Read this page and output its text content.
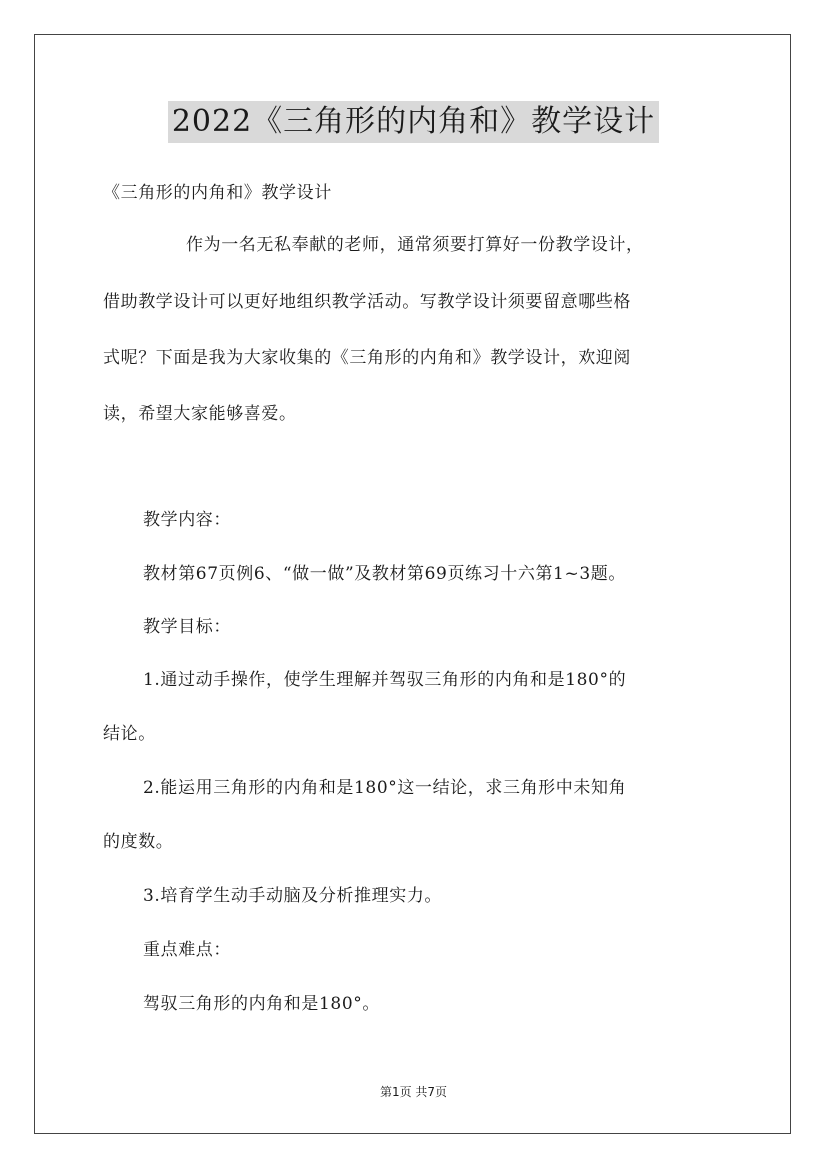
2022《三角形的内角和》教学设计
《三角形的内角和》教学设计
作为一名无私奉献的老师，通常须要打算好一份教学设计，
借助教学设计可以更好地组织教学活动。写教学设计须要留意哪些格
式呢？下面是我为大家收集的《三角形的内角和》教学设计，欢迎阅
读，希望大家能够喜爱。
教学内容：
教材第67页例6、“做一做”及教材第69页练习十六第1~3题。
教学目标：
1.通过动手操作，使学生理解并驾驭三角形的内角和是180°的
结论。
2.能运用三角形的内角和是180°这一结论，求三角形中未知角
的度数。
3.培育学生动手动脑及分析推理实力。
重点难点：
驾驭三角形的内角和是180°。
第1页 共7页
